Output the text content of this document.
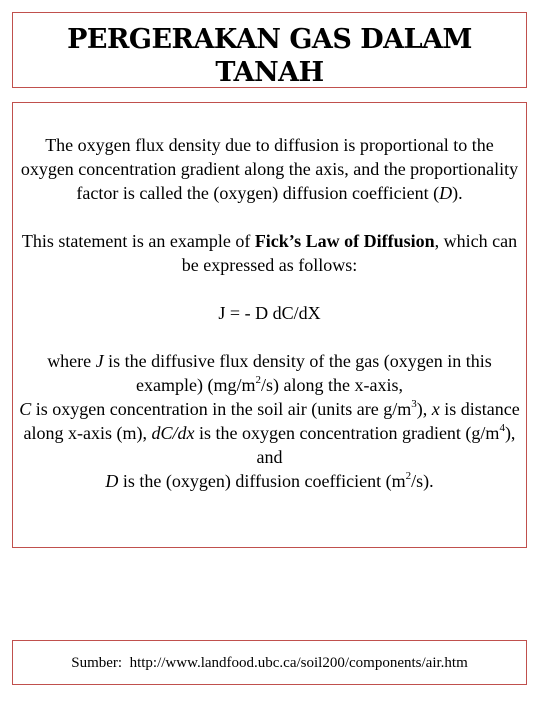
PERGERAKAN GAS DALAM
TANAH

The oxygen flux density due to diffusion is proportional to the oxygen concentration gradient along the axis, and the proportionality factor is called the (oxygen) diffusion coefficient (D).

This statement is an example of Fick’s Law of Diffusion, which can be expressed as follows:

J = - D dC/dX

where J is the diffusive flux density of the gas (oxygen in this example) $(mg/m^2/s)$ along the x-axis,
C is oxygen concentration in the soil air (units are $g/m^3$), x is distance along x-axis (m), dC/dx is the oxygen concentration gradient $(g/m^4)$, and
D is the (oxygen) diffusion coefficient $(m^2/s)$.

Sumber: http://www.landfood.ubc.ca/soil200/components/air.htm
